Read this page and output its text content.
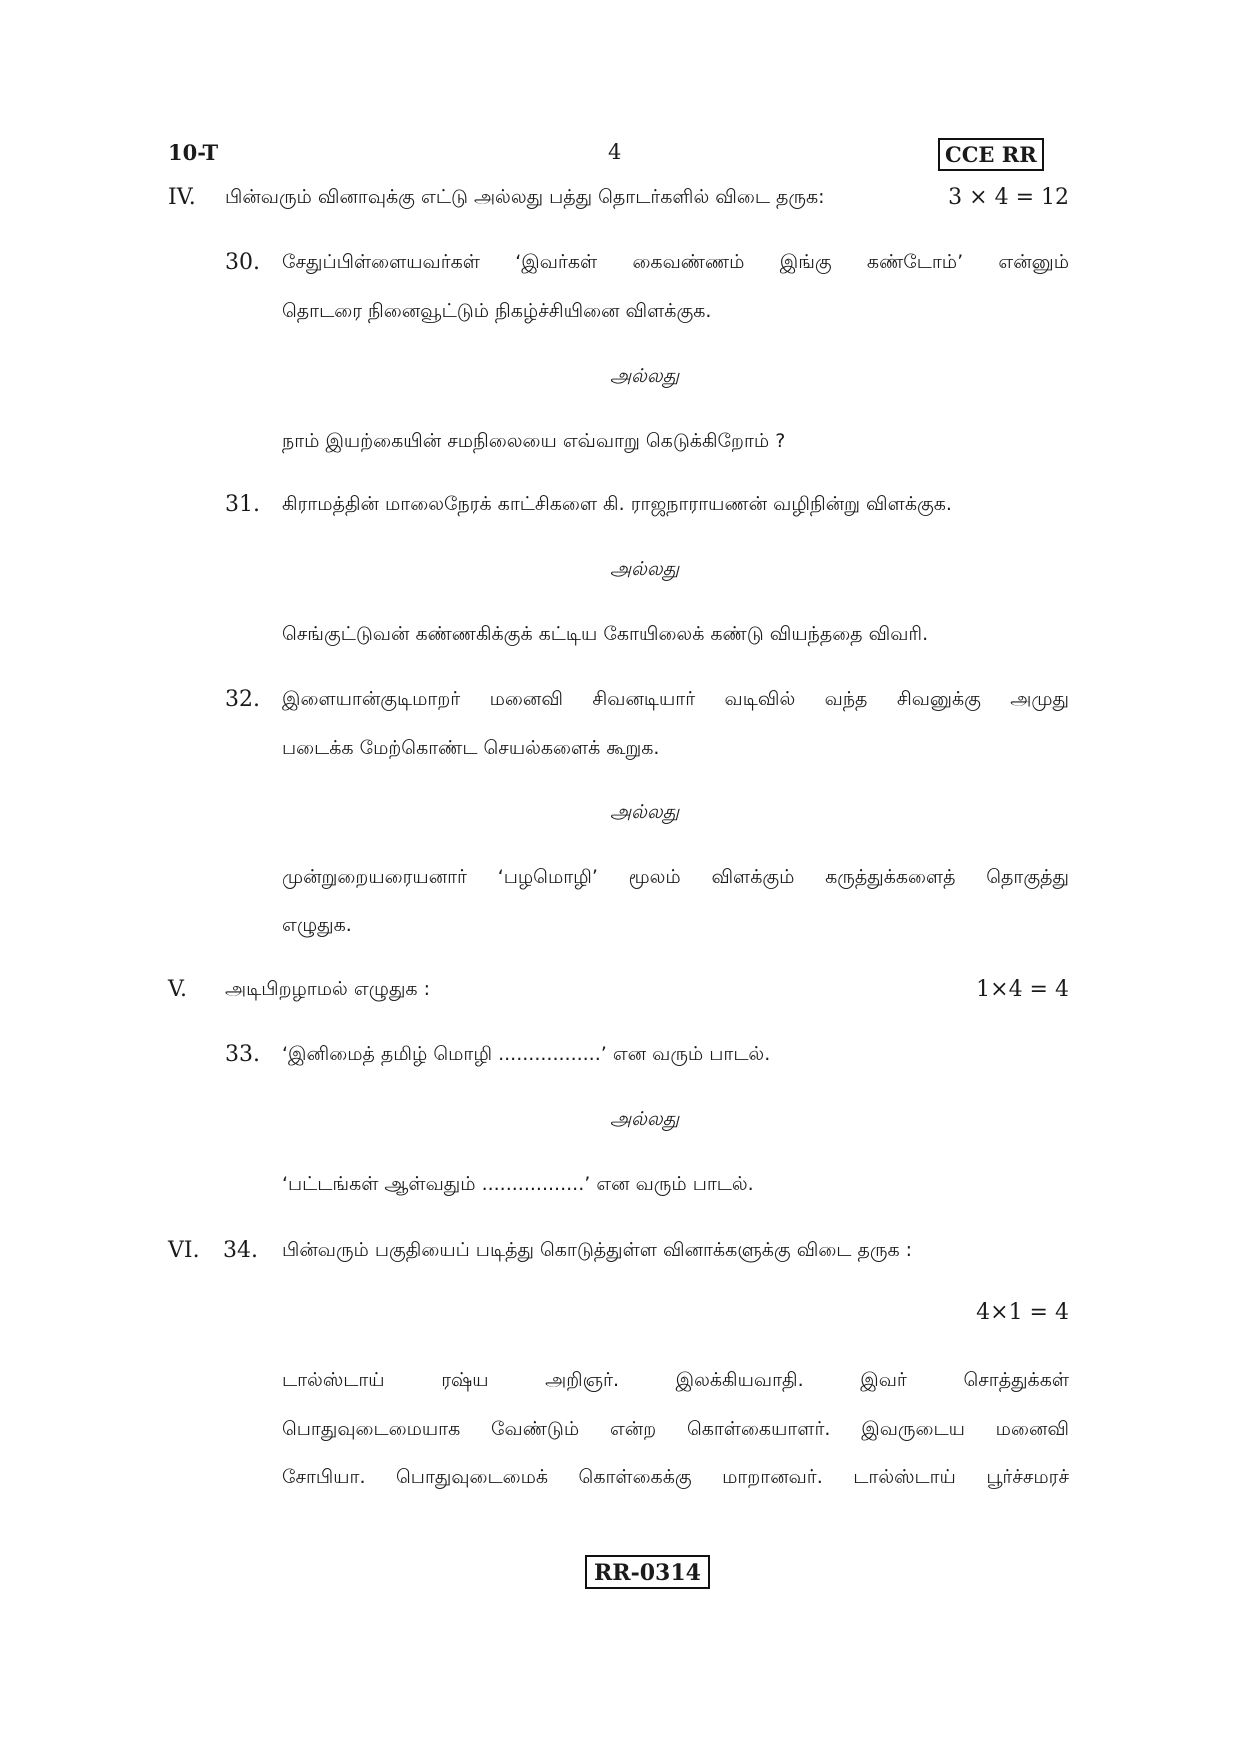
10-T	4	CCE RR
IV. பின்வரும் வினாவுக்கு எட்டு அல்லது பத்து தொடர்களில் விடை தருக:	3 × 4 = 12
30. சேதுப்பிள்ளையவர்கள் ‘இவர்கள் கைவண்ணம் இங்கு கண்டோம்’ என்னும்
தொடரை நினைவூட்டும் நிகழ்ச்சியினை விளக்குக.
அல்லது
நாம் இயற்கையின் சமநிலையை எவ்வாறு கெடுக்கிறோம் ?
31. கிராமத்தின் மாலைநேரக் காட்சிகளை கி. ராஜநாராயணன் வழிநின்று விளக்குக.
அல்லது
செங்குட்டுவன் கண்ணகிக்குக் கட்டிய கோயிலைக் கண்டு வியந்ததை விவரி.
32. இளையான்குடிமாறர் மனைவி சிவனடியார் வடிவில் வந்த சிவனுக்கு அமுது
படைக்க மேற்கொண்ட செயல்களைக் கூறுக.
அல்லது
முன்றுறையரையனார் ‘பழமொழி’ மூலம் விளக்கும் கருத்துக்களைத் தொகுத்து
எழுதுக.
V. அடிபிறழாமல் எழுதுக :	1×4 = 4
33. ‘இனிமைத் தமிழ் மொழி .................’ என வரும் பாடல்.
அல்லது
‘பட்டங்கள் ஆள்வதும் .................’ என வரும் பாடல்.
VI. 34. பின்வரும் பகுதியைப் படித்து கொடுத்துள்ள வினாக்களுக்கு விடை தருக :
4×1 = 4
டால்ஸ்டாய் ரஷ்ய அறிஞர். இலக்கியவாதி. இவர் சொத்துக்கள்
பொதுவுடைமையாக வேண்டும் என்ற கொள்கையாளர். இவருடைய மனைவி
சோபியா. பொதுவுடைமைக் கொள்கைக்கு மாறானவர். டால்ஸ்டாய் பூர்ச்சமரச்
RR-0314
